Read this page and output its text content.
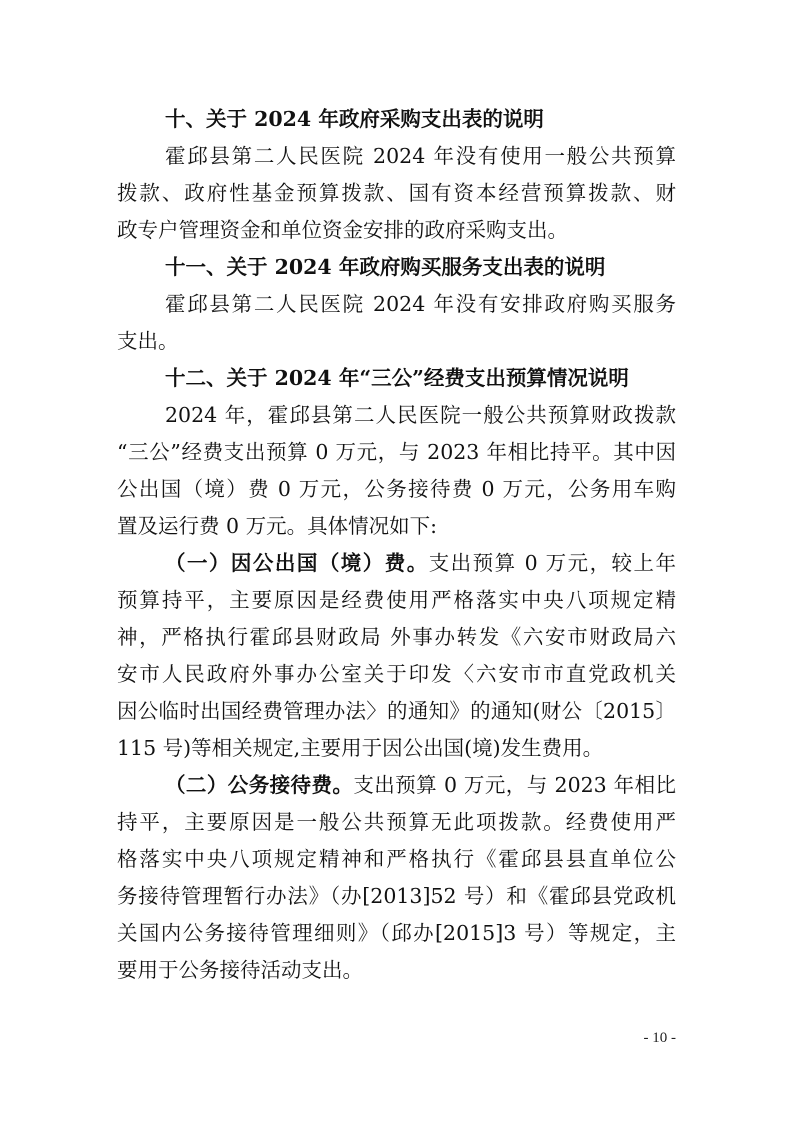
十、关于 2024 年政府采购支出表的说明
霍邱县第二人民医院 2024 年没有使用一般公共预算
拨款、政府性基金预算拨款、国有资本经营预算拨款、财
政专户管理资金和单位资金安排的政府采购支出。
十一、关于 2024 年政府购买服务支出表的说明
霍邱县第二人民医院 2024 年没有安排政府购买服务
支出。
十二、关于 2024 年“三公”经费支出预算情况说明
2024 年，霍邱县第二人民医院一般公共预算财政拨款
“三公”经费支出预算 0 万元，与 2023 年相比持平。其中因
公出国（境）费 0 万元，公务接待费 0 万元，公务用车购
置及运行费 0 万元。具体情况如下:
（一）因公出国（境）费。支出预算 0 万元，较上年
预算持平，主要原因是经费使用严格落实中央八项规定精
神，严格执行霍邱县财政局 外事办转发《六安市财政局六
安市人民政府外事办公室关于印发〈六安市市直党政机关
因公临时出国经费管理办法〉的通知》的通知(财公〔2015〕
115 号)等相关规定,主要用于因公出国(境)发生费用。
（二）公务接待费。支出预算 0 万元，与 2023 年相比
持平，主要原因是一般公共预算无此项拨款。经费使用严
格落实中央八项规定精神和严格执行《霍邱县县直单位公
务接待管理暂行办法》（办[2013]52 号）和《霍邱县党政机
关国内公务接待管理细则》（邱办[2015]3 号）等规定，主
要用于公务接待活动支出。
- 10 -
